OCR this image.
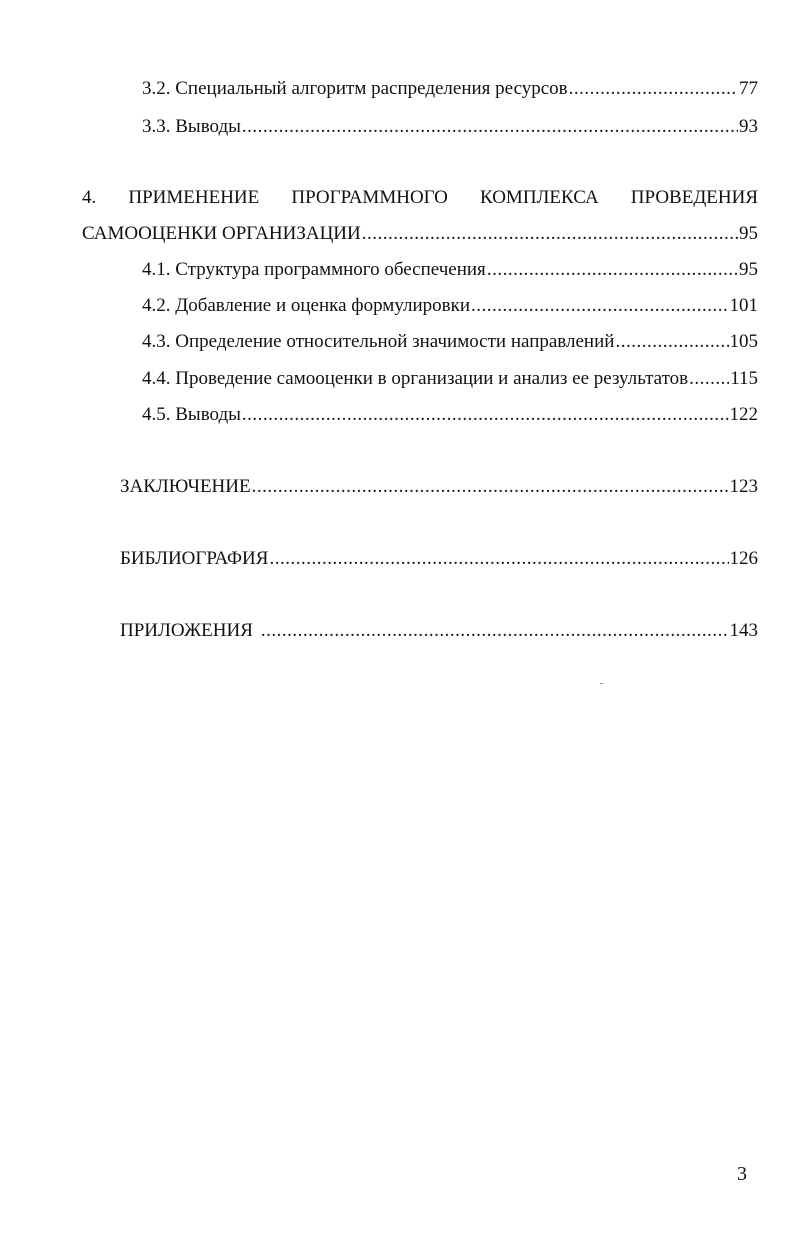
3.2. Специальный алгоритм распределения ресурсов .....	77
3.3. Выводы .....	93
4. ПРИМЕНЕНИЕ ПРОГРАММНОГО КОМПЛЕКСА ПРОВЕДЕНИЯ
САМООЦЕНКИ ОРГАНИЗАЦИИ .....	95
4.1. Структура программного обеспечения .....	95
4.2. Добавление и оценка формулировки .....	101
4.3. Определение относительной значимости направлений .....	105
4.4. Проведение самооценки в организации и анализ ее результатов ..... 115
4.5. Выводы .....	122
ЗАКЛЮЧЕНИЕ .....	123
БИБЛИОГРАФИЯ .....	126
ПРИЛОЖЕНИЯ .....	143
3
